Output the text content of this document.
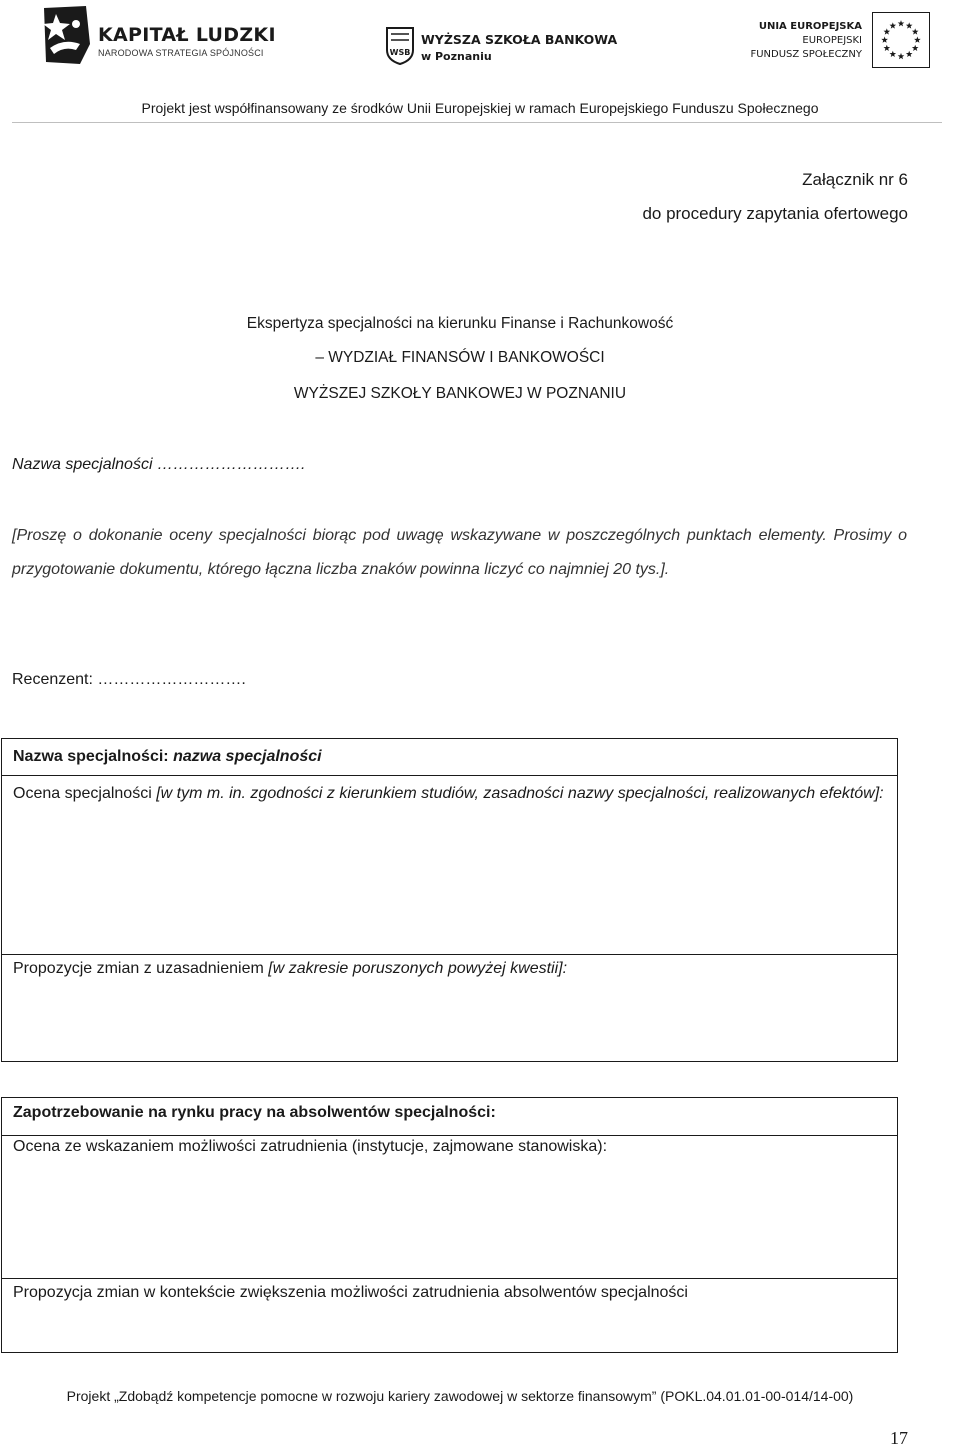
KAPITAŁ LUDZKI
NARODOWA STRATEGIA SPÓJNOŚCI	WSB
WYŻSZA SZKOŁA BANKOWA
w Poznaniu
UNIA EUROPEJSKA
EUROPEJSKI
FUNDUSZ SPOŁECZNY
Projekt jest współfinansowany ze środków Unii Europejskiej w ramach Europejskiego Funduszu Społecznego
Załącznik nr 6
do procedury zapytania ofertowego
Ekspertyza specjalności na kierunku Finanse i Rachunkowość
– WYDZIAŁ FINANSÓW I BANKOWOŚCI
WYŻSZEJ SZKOŁY BANKOWEJ W POZNANIU
Nazwa specjalności ……………………….
[Proszę o dokonanie oceny specjalności biorąc pod uwagę wskazywane w poszczególnych punktach elementy. Prosimy o przygotowanie dokumentu, którego łączna liczba znaków powinna liczyć co najmniej 20 tys.].
Recenzent: ……………………….
Nazwa specjalności: nazwa specjalności
Ocena specjalności [w tym m. in. zgodności z kierunkiem studiów, zasadności nazwy specjalności, realizowanych efektów]:
Propozycje zmian z uzasadnieniem [w zakresie poruszonych powyżej kwestii]:
Zapotrzebowanie na rynku pracy na absolwentów specjalności:
Ocena ze wskazaniem możliwości zatrudnienia (instytucje, zajmowane stanowiska):
Propozycja zmian w kontekście zwiększenia możliwości zatrudnienia absolwentów specjalności
Projekt „Zdobądź kompetencje pomocne w rozwoju kariery zawodowej w sektorze finansowym” (POKL.04.01.01-00-014/14-00)
17
